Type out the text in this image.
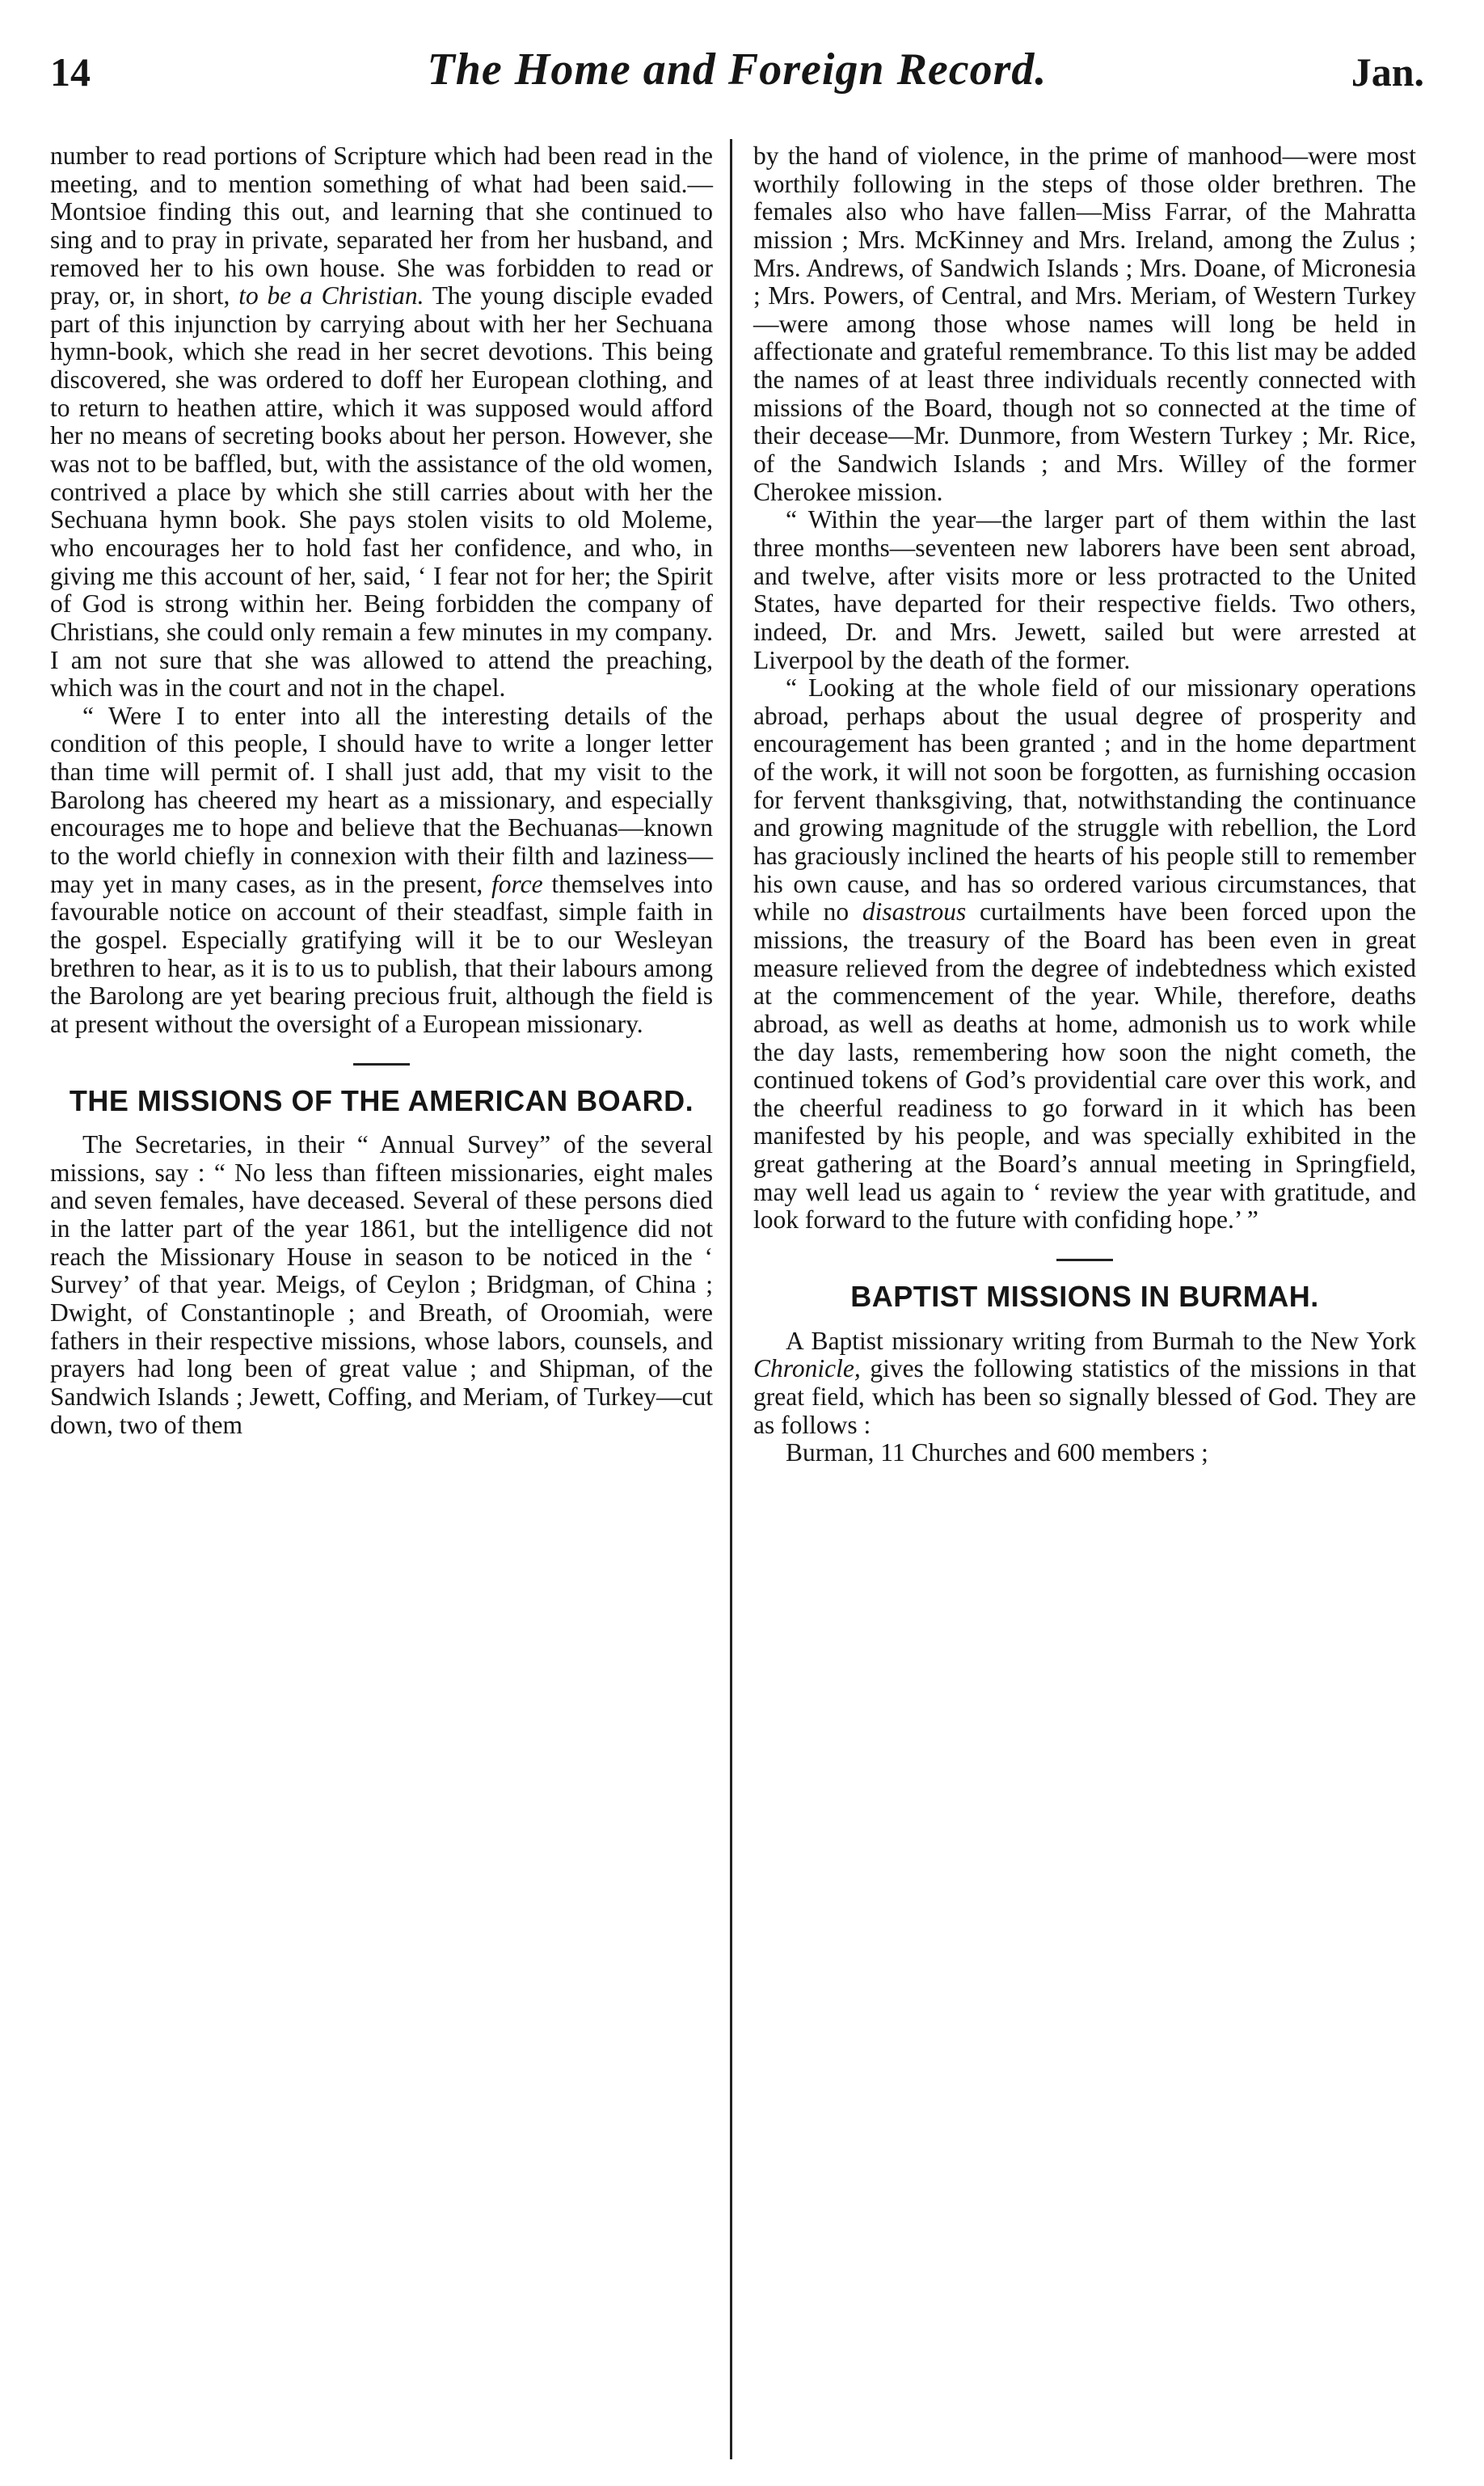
14	The Home and Foreign Record.	Jan.

number to read portions of Scripture which had been read in the meeting, and to mention something of what had been said.—Montsioe finding this out, and learning that she continued to sing and to pray in private, separated her from her husband, and removed her to his own house. She was forbidden to read or pray, or, in short, to be a Christian. The young disciple evaded part of this injunction by carrying about with her her Sechuana hymn-book, which she read in her secret devotions. This being discovered, she was ordered to doff her European clothing, and to return to heathen attire, which it was supposed would afford her no means of secreting books about her person. However, she was not to be baffled, but, with the assistance of the old women, contrived a place by which she still carries about with her the Sechuana hymn book. She pays stolen visits to old Moleme, who encourages her to hold fast her confidence, and who, in giving me this account of her, said, ‘ I fear not for her; the Spirit of God is strong within her. Being forbidden the company of Christians, she could only remain a few minutes in my company. I am not sure that she was allowed to attend the preaching, which was in the court and not in the chapel.

“ Were I to enter into all the interesting details of the condition of this people, I should have to write a longer letter than time will permit of. I shall just add, that my visit to the Barolong has cheered my heart as a missionary, and especially encourages me to hope and believe that the Bechuanas—known to the world chiefly in connexion with their filth and laziness—may yet in many cases, as in the present, force themselves into favourable notice on account of their steadfast, simple faith in the gospel. Especially gratifying will it be to our Wesleyan brethren to hear, as it is to us to publish, that their labours among the Barolong are yet bearing precious fruit, although the field is at present without the oversight of a European missionary.

THE MISSIONS OF THE AMERICAN BOARD.

The Secretaries, in their “ Annual Survey” of the several missions, say : “ No less than fifteen missionaries, eight males and seven females, have deceased. Several of these persons died in the latter part of the year 1861, but the intelligence did not reach the Missionary House in season to be noticed in the ‘ Survey’ of that year. Meigs, of Ceylon ; Bridgman, of China ; Dwight, of Constantinople ; and Breath, of Oroomiah, were fathers in their respective missions, whose labors, counsels, and prayers had long been of great value ; and Shipman, of the Sandwich Islands ; Jewett, Coffing, and Meriam, of Turkey—cut down, two of them

by the hand of violence, in the prime of manhood—were most worthily following in the steps of those older brethren. The females also who have fallen—Miss Farrar, of the Mahratta mission ; Mrs. McKinney and Mrs. Ireland, among the Zulus ; Mrs. Andrews, of Sandwich Islands ; Mrs. Doane, of Micronesia ; Mrs. Powers, of Central, and Mrs. Meriam, of Western Turkey—were among those whose names will long be held in affectionate and grateful remembrance. To this list may be added the names of at least three individuals recently connected with missions of the Board, though not so connected at the time of their decease—Mr. Dunmore, from Western Turkey ; Mr. Rice, of the Sandwich Islands ; and Mrs. Willey of the former Cherokee mission.

“ Within the year—the larger part of them within the last three months—seventeen new laborers have been sent abroad, and twelve, after visits more or less protracted to the United States, have departed for their respective fields. Two others, indeed, Dr. and Mrs. Jewett, sailed but were arrested at Liverpool by the death of the former.

“ Looking at the whole field of our missionary operations abroad, perhaps about the usual degree of prosperity and encouragement has been granted ; and in the home department of the work, it will not soon be forgotten, as furnishing occasion for fervent thanksgiving, that, notwithstanding the continuance and growing magnitude of the struggle with rebellion, the Lord has graciously inclined the hearts of his people still to remember his own cause, and has so ordered various circumstances, that while no disastrous curtailments have been forced upon the missions, the treasury of the Board has been even in great measure relieved from the degree of indebtedness which existed at the commencement of the year. While, therefore, deaths abroad, as well as deaths at home, admonish us to work while the day lasts, remembering how soon the night cometh, the continued tokens of God’s providential care over this work, and the cheerful readiness to go forward in it which has been manifested by his people, and was specially exhibited in the great gathering at the Board’s annual meeting in Springfield, may well lead us again to ‘ review the year with gratitude, and look forward to the future with confiding hope.’ ”

BAPTIST MISSIONS IN BURMAH.

A Baptist missionary writing from Burmah to the New York Chronicle, gives the following statistics of the missions in that great field, which has been so signally blessed of God. They are as follows :

Burman, 11 Churches and 600 members ;
